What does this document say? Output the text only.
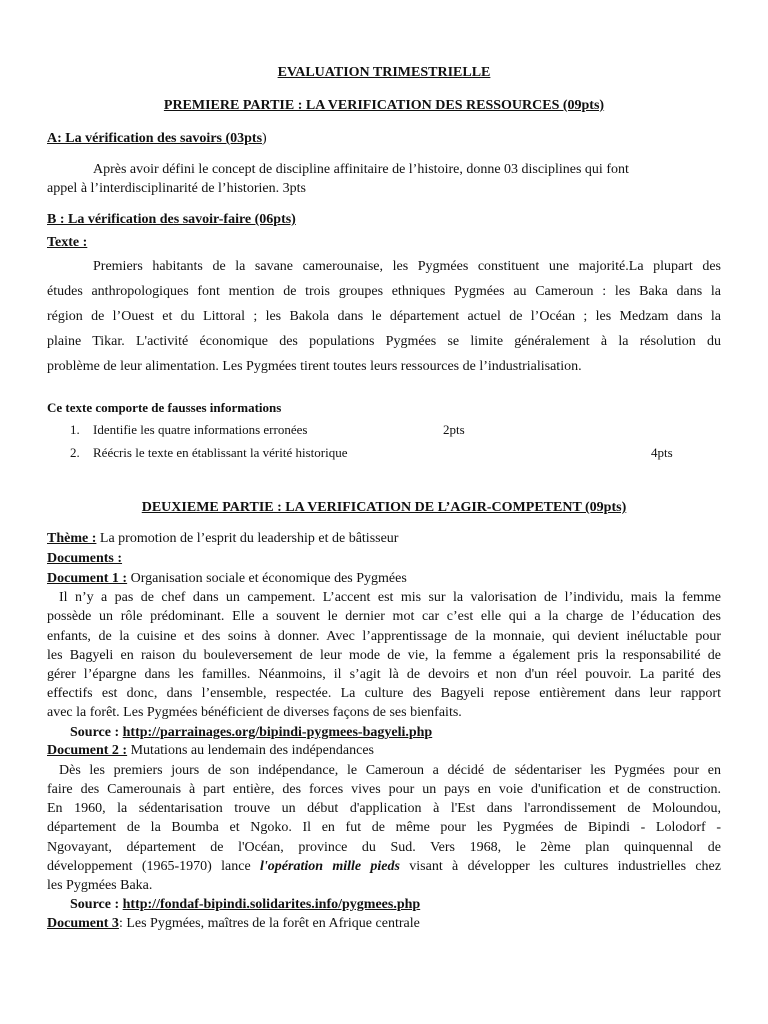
EVALUATION TRIMESTRIELLE
PREMIERE PARTIE : LA VERIFICATION DES RESSOURCES (09pts)
A: La vérification des savoirs (03pts)
Après avoir défini le concept de discipline affinitaire de l’histoire, donne 03 disciplines qui font
appel à l’interdisciplinarité de l’historien. 3pts
B : La vérification des savoir-faire (06pts)
Texte :
Premiers habitants de la savane camerounaise, les Pygmées constituent une majorité.La plupart des
études anthropologiques font mention de trois groupes ethniques Pygmées au Cameroun : les Baka dans la
région de l’Ouest et du Littoral ; les Bakola dans le département actuel de l’Océan ; les Medzam dans la
plaine Tikar. L'activité économique des populations Pygmées se limite généralement à la résolution du
problème de leur alimentation. Les Pygmées tirent toutes leurs ressources de l’industrialisation.
Ce texte comporte de fausses informations
1. Identifie les quatre informations erronées	2pts
2. Réécris le texte en établissant la vérité historique	4pts
DEUXIEME PARTIE : LA VERIFICATION DE L’AGIR-COMPETENT (09pts)
Thème : La promotion de l’esprit du leadership et de bâtisseur
Documents :
Document 1 : Organisation sociale et économique des Pygmées
Il n’y a pas de chef dans un campement. L’accent est mis sur la valorisation de l’individu, mais la femme
possède un rôle prédominant. Elle a souvent le dernier mot car c’est elle qui a la charge de l’éducation des
enfants, de la cuisine et des soins à donner. Avec l’apprentissage de la monnaie, qui devient inéluctable pour
les Bagyeli en raison du bouleversement de leur mode de vie, la femme a également pris la responsabilité de
gérer l’épargne dans les familles. Néanmoins, il s’agit là de devoirs et non d'un réel pouvoir. La parité des
effectifs est donc, dans l’ensemble, respectée. La culture des Bagyeli repose entièrement dans leur rapport
avec la forêt. Les Pygmées bénéficient de diverses façons de ses bienfaits.
Source : http://parrainages.org/bipindi-pygmees-bagyeli.php
Document 2 : Mutations au lendemain des indépendances
Dès les premiers jours de son indépendance, le Cameroun a décidé de sédentariser les Pygmées pour en
faire des Camerounais à part entière, des forces vives pour un pays en voie d'unification et de construction.
En 1960, la sédentarisation trouve un début d'application à l'Est dans l'arrondissement de Moloundou,
département de la Boumba et Ngoko. Il en fut de même pour les Pygmées de Bipindi - Lolodorf -
Ngovayant, département de l'Océan, province du Sud. Vers 1968, le 2ème plan quinquennal de
développement (1965-1970) lance l'opération mille pieds visant à développer les cultures industrielles chez
les Pygmées Baka.
Source : http://fondaf-bipindi.solidarites.info/pygmees.php
Document 3: Les Pygmées, maîtres de la forêt en Afrique centrale
